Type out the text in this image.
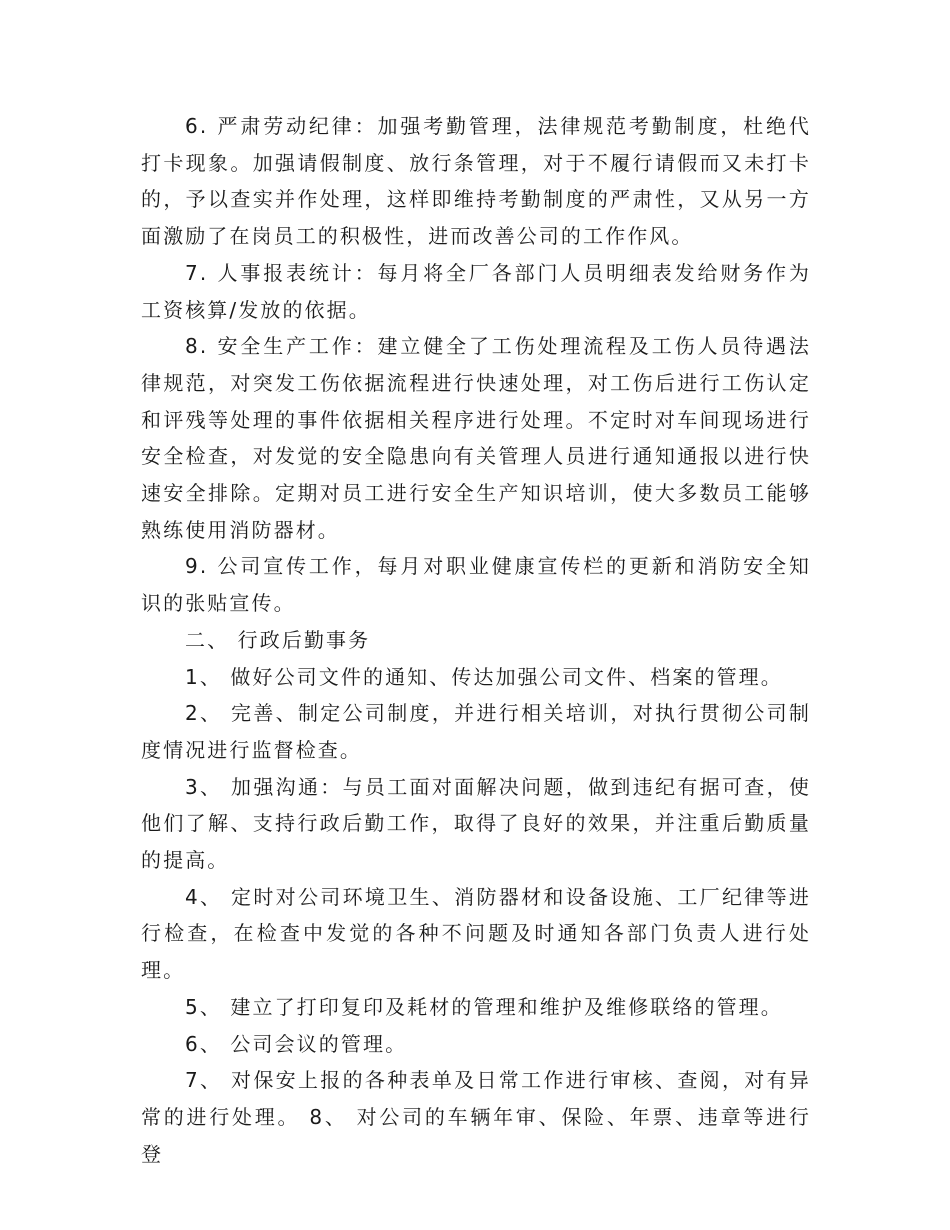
6. 严肃劳动纪律：加强考勤管理，法律规范考勤制度，杜绝代打卡现象。加强请假制度、放行条管理，对于不履行请假而又未打卡的，予以查实并作处理，这样即维持考勤制度的严肃性，又从另一方面激励了在岗员工的积极性，进而改善公司的工作作风。

7. 人事报表统计：每月将全厂各部门人员明细表发给财务作为工资核算/发放的依据。

8. 安全生产工作：建立健全了工伤处理流程及工伤人员待遇法律规范，对突发工伤依据流程进行快速处理，对工伤后进行工伤认定和评残等处理的事件依据相关程序进行处理。不定时对车间现场进行安全检查，对发觉的安全隐患向有关管理人员进行通知通报以进行快速安全排除。定期对员工进行安全生产知识培训，使大多数员工能够熟练使用消防器材。

9. 公司宣传工作，每月对职业健康宣传栏的更新和消防安全知识的张贴宣传。

二、 行政后勤事务

1、 做好公司文件的通知、传达加强公司文件、档案的管理。

2、 完善、制定公司制度，并进行相关培训，对执行贯彻公司制度情况进行监督检查。

3、 加强沟通：与员工面对面解决问题，做到违纪有据可查，使他们了解、支持行政后勤工作，取得了良好的效果，并注重后勤质量的提高。

4、 定时对公司环境卫生、消防器材和设备设施、工厂纪律等进行检查，在检查中发觉的各种不问题及时通知各部门负责人进行处理。

5、 建立了打印复印及耗材的管理和维护及维修联络的管理。

6、 公司会议的管理。

7、 对保安上报的各种表单及日常工作进行审核、查阅，对有异常的进行处理。 8、 对公司的车辆年审、保险、年票、违章等进行登
